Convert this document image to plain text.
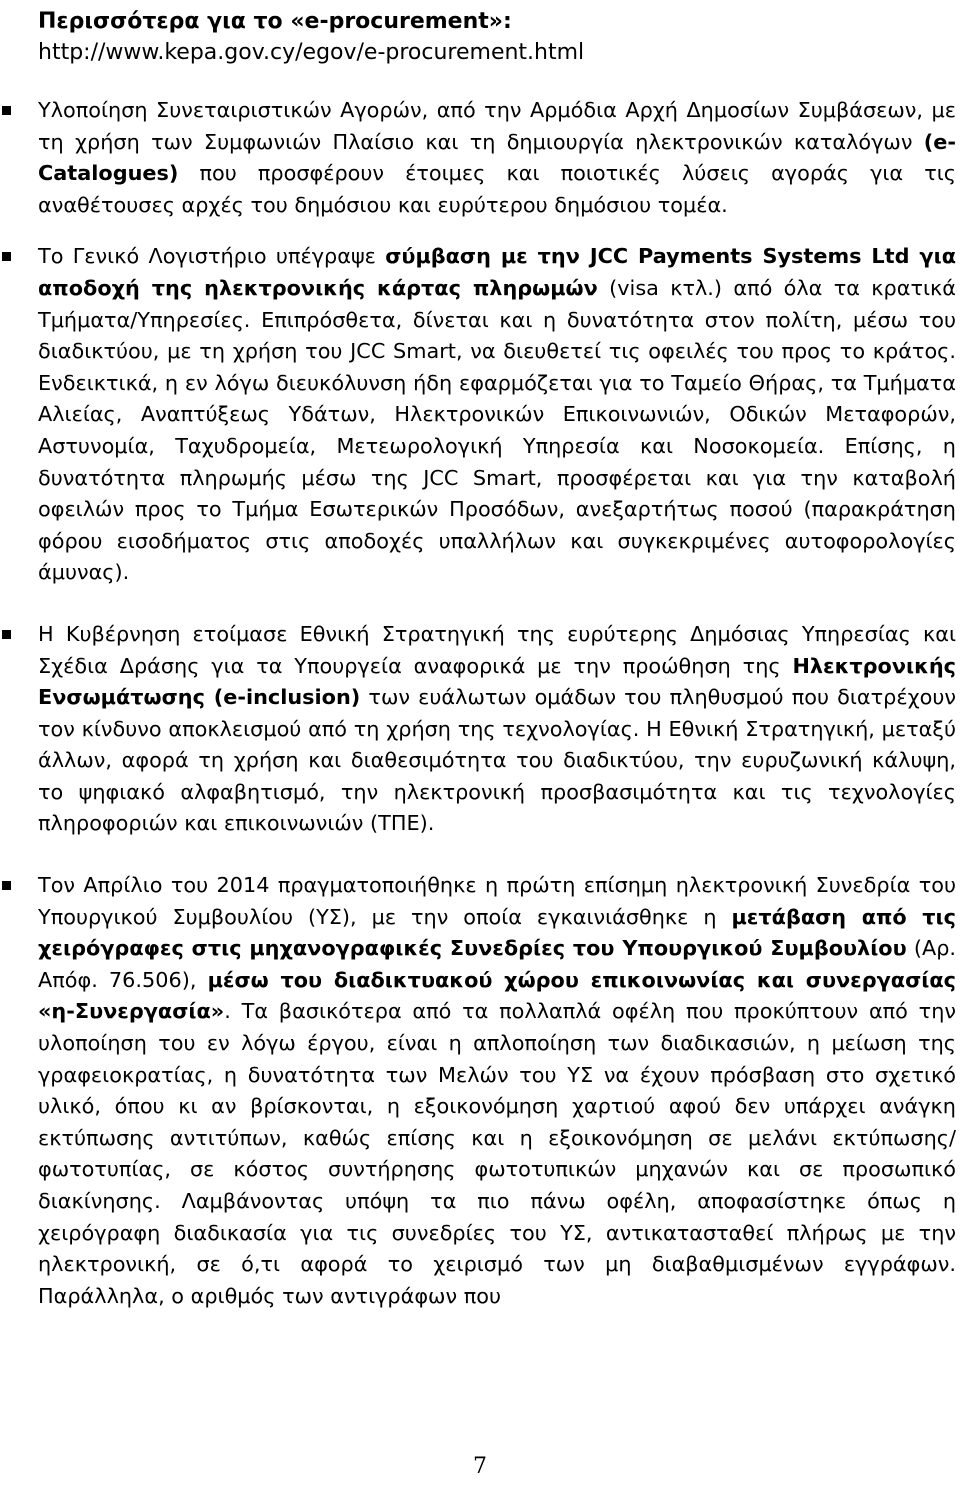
Περισσότερα για το «e-procurement»:
http://www.kepa.gov.cy/egov/e-procurement.html
Υλοποίηση Συνεταιριστικών Αγορών, από την Αρμόδια Αρχή Δημοσίων Συμβάσεων, με τη χρήση των Συμφωνιών Πλαίσιο και τη δημιουργία ηλεκτρονικών καταλόγων (e-Catalogues) που προσφέρουν έτοιμες και ποιοτικές λύσεις αγοράς για τις αναθέτουσες αρχές του δημόσιου και ευρύτερου δημόσιου τομέα.
Το Γενικό Λογιστήριο υπέγραψε σύμβαση με την JCC Payments Systems Ltd για αποδοχή της ηλεκτρονικής κάρτας πληρωμών (visa κτλ.) από όλα τα κρατικά Τμήματα/Υπηρεσίες. Επιπρόσθετα, δίνεται και η δυνατότητα στον πολίτη, μέσω του διαδικτύου, με τη χρήση του JCC Smart, να διευθετεί τις οφειλές του προς το κράτος. Ενδεικτικά, η εν λόγω διευκόλυνση ήδη εφαρμόζεται για το Ταμείο Θήρας, τα Τμήματα Αλιείας, Αναπτύξεως Υδάτων, Ηλεκτρονικών Επικοινωνιών, Οδικών Μεταφορών, Αστυνομία, Ταχυδρομεία, Μετεωρολογική Υπηρεσία και Νοσοκομεία. Επίσης, η δυνατότητα πληρωμής μέσω της JCC Smart, προσφέρεται και για την καταβολή οφειλών προς το Τμήμα Εσωτερικών Προσόδων, ανεξαρτήτως ποσού (παρακράτηση φόρου εισοδήματος στις αποδοχές υπαλλήλων και συγκεκριμένες αυτοφορολογίες άμυνας).
Η Κυβέρνηση ετοίμασε Εθνική Στρατηγική της ευρύτερης Δημόσιας Υπηρεσίας και Σχέδια Δράσης για τα Υπουργεία αναφορικά με την προώθηση της Ηλεκτρονικής Ενσωμάτωσης (e-inclusion) των ευάλωτων ομάδων του πληθυσμού που διατρέχουν τον κίνδυνο αποκλεισμού από τη χρήση της τεχνολογίας. Η Εθνική Στρατηγική, μεταξύ άλλων, αφορά τη χρήση και διαθεσιμότητα του διαδικτύου, την ευρυζωνική κάλυψη, το ψηφιακό αλφαβητισμό, την ηλεκτρονική προσβασιμότητα και τις τεχνολογίες πληροφοριών και επικοινωνιών (ΤΠΕ).
Τον Απρίλιο του 2014 πραγματοποιήθηκε η πρώτη επίσημη ηλεκτρονική Συνεδρία του Υπουργικού Συμβουλίου (ΥΣ), με την οποία εγκαινιάσθηκε η μετάβαση από τις χειρόγραφες στις μηχανογραφικές Συνεδρίες του Υπουργικού Συμβουλίου (Αρ. Απόφ. 76.506), μέσω του διαδικτυακού χώρου επικοινωνίας και συνεργασίας «η-Συνεργασία». Τα βασικότερα από τα πολλαπλά οφέλη που προκύπτουν από την υλοποίηση του εν λόγω έργου, είναι η απλοποίηση των διαδικασιών, η μείωση της γραφειοκρατίας, η δυνατότητα των Μελών του ΥΣ να έχουν πρόσβαση στο σχετικό υλικό, όπου κι αν βρίσκονται, η εξοικονόμηση χαρτιού αφού δεν υπάρχει ανάγκη εκτύπωσης αντιτύπων, καθώς επίσης και η εξοικονόμηση σε μελάνι εκτύπωσης/φωτοτυπίας, σε κόστος συντήρησης φωτοτυπικών μηχανών και σε προσωπικό διακίνησης. Λαμβάνοντας υπόψη τα πιο πάνω οφέλη, αποφασίστηκε όπως η χειρόγραφη διαδικασία για τις συνεδρίες του ΥΣ, αντικατασταθεί πλήρως με την ηλεκτρονική, σε ό,τι αφορά το χειρισμό των μη διαβαθμισμένων εγγράφων. Παράλληλα, ο αριθμός των αντιγράφων που
7
